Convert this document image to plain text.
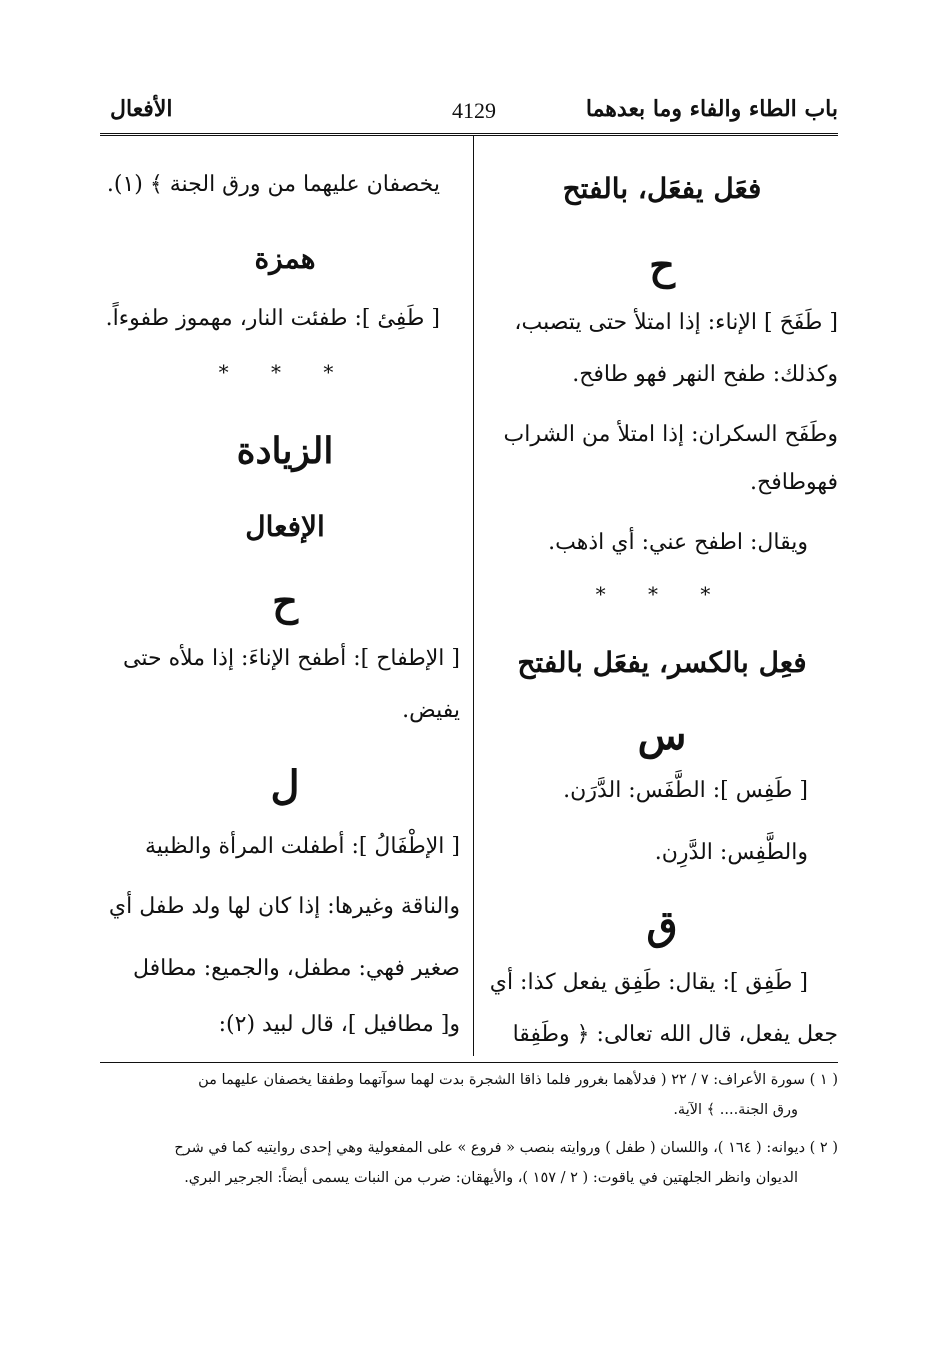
باب الطاء والفاء وما بعدهما
4129
الأفعال
فعَل يفعَل، بالفتح
ح
[ طَفَحَ ] الإناء: إذا امتلأ حتى يتصبب،
وكذلك: طفح النهر فهو طافح.
وطَفَح السكران: إذا امتلأ من الشراب
فهوطافح.
ويقال: اطفح عني: أي اذهب.
* * *
فعِل بالكسر، يفعَل بالفتح
س
[ طَفِس ]: الطَّفَس: الدَّرَن.
والطَّفِس: الدَّرِن.
ق
[ طَفِق ]: يقال: طَفِق يفعل كذا: أي
جعل يفعل، قال الله تعالى: ﴿ وطَفِقا
يخصفان عليهما من ورق الجنة ﴾ (١).
همزة
[ طَفِئ ]: طفئت النار، مهموز طفوءاً.
* * *
الزيادة
الإفعال
ح
[ الإطفاح ]: أطفح الإناءَ: إذا ملأه حتى
يفيض.
ل
[ الإطْفَالُ ]: أطفلت المرأة والظبية
والناقة وغيرها: إذا كان لها ولد طفل أي
صغير فهي: مطفل، والجميع: مطافل
و[ مطافيل ]، قال لبيد (٢):
( ١ ) سورة الأعراف: ٧ / ٢٢ ( فدلأهما بغرور فلما ذاقا الشجرة بدت لهما سوآتهما وطفقا يخصفان عليهما من
ورق الجنة.... ﴾ الآية.
( ٢ ) ديوانه: ( ١٦٤ )، واللسان ( طفل ) وروايته بنصب « فروع » على المفعولية وهي إحدى روايتيه كما في شرح
الديوان وانظر الجلهتين في ياقوت: ( ٢ / ١٥٧ )، والأيهقان: ضرب من النبات يسمى أيضاً: الجرجير البري.
